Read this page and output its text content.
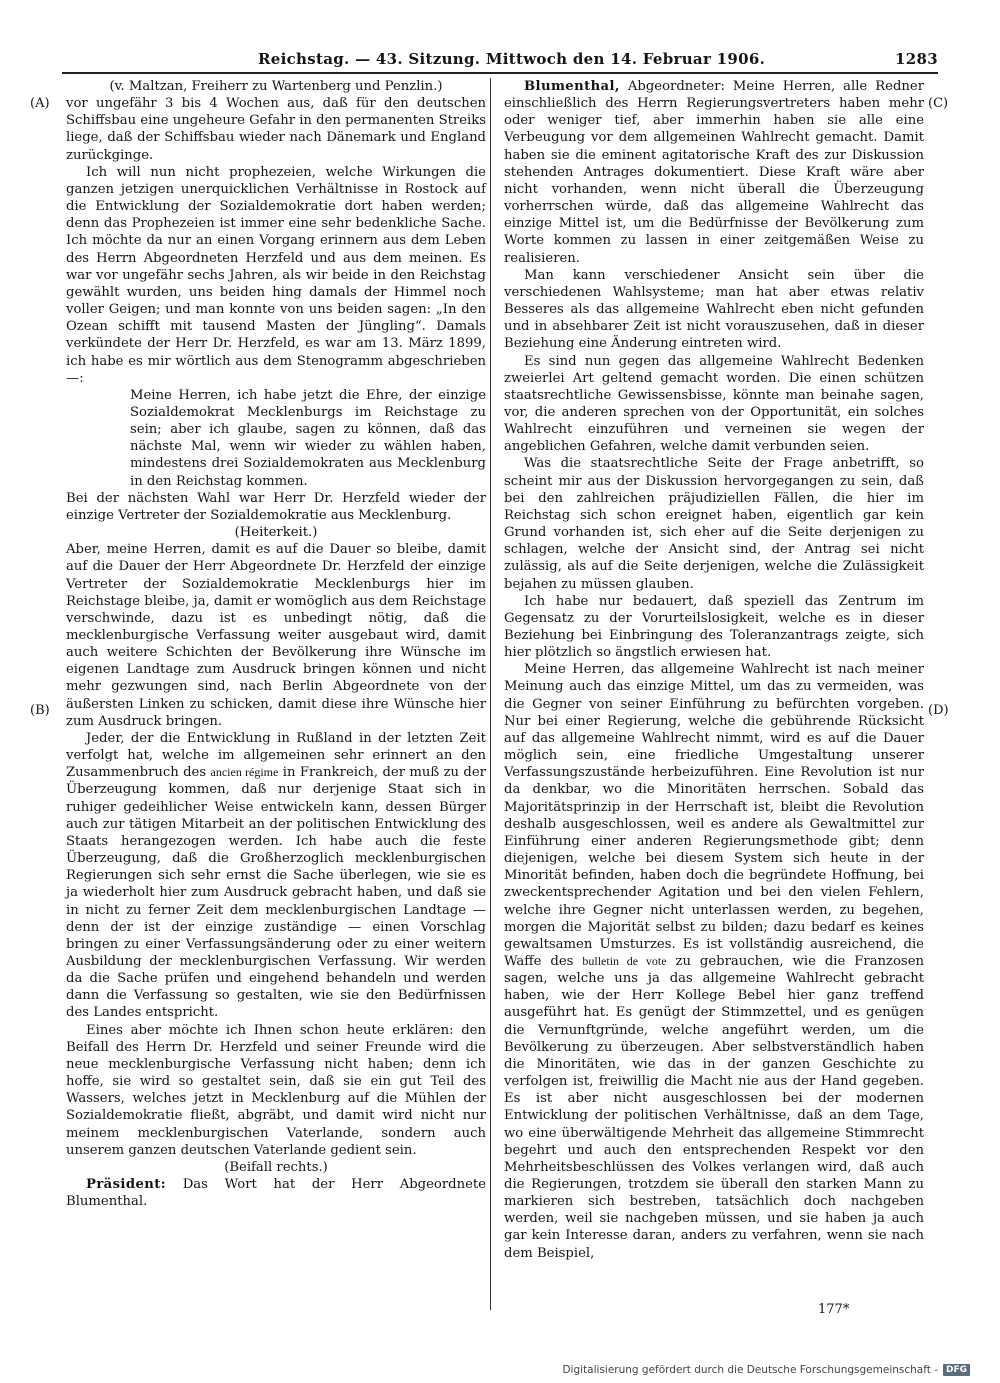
Reichstag. — 43. Sitzung. Mittwoch den 14. Februar 1906.	1283
(A)
(B)
(C)
(D)

(v. Maltzan, Freiherr zu Wartenberg und Penzlin.)

vor ungefähr 3 bis 4 Wochen aus, daß für den deutschen Schiffsbau eine ungeheure Gefahr in den permanenten Streiks liege, daß der Schiffsbau wieder nach Dänemark und England zurückginge.

Ich will nun nicht prophezeien, welche Wirkungen die ganzen jetzigen unerquicklichen Verhältnisse in Rostock auf die Entwicklung der Sozialdemokratie dort haben werden; denn das Prophezeien ist immer eine sehr bedenkliche Sache. Ich möchte da nur an einen Vorgang erinnern aus dem Leben des Herrn Abgeordneten Herzfeld und aus dem meinen. Es war vor ungefähr sechs Jahren, als wir beide in den Reichstag gewählt wurden, uns beiden hing damals der Himmel noch voller Geigen; und man konnte von uns beiden sagen: „In den Ozean schifft mit tausend Masten der Jüngling“. Damals verkündete der Herr Dr. Herzfeld, es war am 13. März 1899, ich habe es mir wörtlich aus dem Stenogramm abgeschrieben —:

Meine Herren, ich habe jetzt die Ehre, der einzige Sozialdemokrat Mecklenburgs im Reichstage zu sein; aber ich glaube, sagen zu können, daß das nächste Mal, wenn wir wieder zu wählen haben, mindestens drei Sozialdemokraten aus Mecklenburg in den Reichstag kommen.

Bei der nächsten Wahl war Herr Dr. Herzfeld wieder der einzige Vertreter der Sozialdemokratie aus Mecklenburg.

(Heiterkeit.)

Aber, meine Herren, damit es auf die Dauer so bleibe, damit auf die Dauer der Herr Abgeordnete Dr. Herzfeld der einzige Vertreter der Sozialdemokratie Mecklenburgs hier im Reichstage bleibe, ja, damit er womöglich aus dem Reichstage verschwinde, dazu ist es unbedingt nötig, daß die mecklenburgische Verfassung weiter ausgebaut wird, damit auch weitere Schichten der Bevölkerung ihre Wünsche im eigenen Landtage zum Ausdruck bringen können und nicht mehr gezwungen sind, nach Berlin Abgeordnete von der äußersten Linken zu schicken, damit diese ihre Wünsche hier zum Ausdruck bringen.

Jeder, der die Entwicklung in Rußland in der letzten Zeit verfolgt hat, welche im allgemeinen sehr erinnert an den Zusammenbruch des ancien régime in Frankreich, der muß zu der Überzeugung kommen, daß nur derjenige Staat sich in ruhiger gedeihlicher Weise entwickeln kann, dessen Bürger auch zur tätigen Mitarbeit an der politischen Entwicklung des Staats herangezogen werden. Ich habe auch die feste Überzeugung, daß die Großherzoglich mecklenburgischen Regierungen sich sehr ernst die Sache überlegen, wie sie es ja wiederholt hier zum Ausdruck gebracht haben, und daß sie in nicht zu ferner Zeit dem mecklenburgischen Landtage — denn der ist der einzige zuständige — einen Vorschlag bringen zu einer Verfassungsänderung oder zu einer weitern Ausbildung der mecklenburgischen Verfassung. Wir werden da die Sache prüfen und eingehend behandeln und werden dann die Verfassung so gestalten, wie sie den Bedürfnissen des Landes entspricht.

Eines aber möchte ich Ihnen schon heute erklären: den Beifall des Herrn Dr. Herzfeld und seiner Freunde wird die neue mecklenburgische Verfassung nicht haben; denn ich hoffe, sie wird so gestaltet sein, daß sie ein gut Teil des Wassers, welches jetzt in Mecklenburg auf die Mühlen der Sozialdemokratie fließt, abgräbt, und damit wird nicht nur meinem mecklenburgischen Vaterlande, sondern auch unserem ganzen deutschen Vaterlande gedient sein.

(Beifall rechts.)

Präsident: Das Wort hat der Herr Abgeordnete Blumenthal.

Blumenthal, Abgeordneter: Meine Herren, alle Redner einschließlich des Herrn Regierungsvertreters haben mehr oder weniger tief, aber immerhin haben sie alle eine Verbeugung vor dem allgemeinen Wahlrecht gemacht. Damit haben sie die eminent agitatorische Kraft des zur Diskussion stehenden Antrages dokumentiert. Diese Kraft wäre aber nicht vorhanden, wenn nicht überall die Überzeugung vorherrschen würde, daß das allgemeine Wahlrecht das einzige Mittel ist, um die Bedürfnisse der Bevölkerung zum Worte kommen zu lassen in einer zeitgemäßen Weise zu realisieren.

Man kann verschiedener Ansicht sein über die verschiedenen Wahlsysteme; man hat aber etwas relativ Besseres als das allgemeine Wahlrecht eben nicht gefunden und in absehbarer Zeit ist nicht vorauszusehen, daß in dieser Beziehung eine Änderung eintreten wird.

Es sind nun gegen das allgemeine Wahlrecht Bedenken zweierlei Art geltend gemacht worden. Die einen schützen staatsrechtliche Gewissensbisse, könnte man beinahe sagen, vor, die anderen sprechen von der Opportunität, ein solches Wahlrecht einzuführen und verneinen sie wegen der angeblichen Gefahren, welche damit verbunden seien.

Was die staatsrechtliche Seite der Frage anbetrifft, so scheint mir aus der Diskussion hervorgegangen zu sein, daß bei den zahlreichen präjudiziellen Fällen, die hier im Reichstag sich schon ereignet haben, eigentlich gar kein Grund vorhanden ist, sich eher auf die Seite derjenigen zu schlagen, welche der Ansicht sind, der Antrag sei nicht zulässig, als auf die Seite derjenigen, welche die Zulässigkeit bejahen zu müssen glauben.

Ich habe nur bedauert, daß speziell das Zentrum im Gegensatz zu der Vorurteilslosigkeit, welche es in dieser Beziehung bei Einbringung des Toleranzantrags zeigte, sich hier plötzlich so ängstlich erwiesen hat.

Meine Herren, das allgemeine Wahlrecht ist nach meiner Meinung auch das einzige Mittel, um das zu vermeiden, was die Gegner von seiner Einführung zu befürchten vorgeben. Nur bei einer Regierung, welche die gebührende Rücksicht auf das allgemeine Wahlrecht nimmt, wird es auf die Dauer möglich sein, eine friedliche Umgestaltung unserer Verfassungszustände herbeizuführen. Eine Revolution ist nur da denkbar, wo die Minoritäten herrschen. Sobald das Majoritätsprinzip in der Herrschaft ist, bleibt die Revolution deshalb ausgeschlossen, weil es andere als Gewaltmittel zur Einführung einer anderen Regierungsmethode gibt; denn diejenigen, welche bei diesem System sich heute in der Minorität befinden, haben doch die begründete Hoffnung, bei zweckentsprechender Agitation und bei den vielen Fehlern, welche ihre Gegner nicht unterlassen werden, zu begehen, morgen die Majorität selbst zu bilden; dazu bedarf es keines gewaltsamen Umsturzes. Es ist vollständig ausreichend, die Waffe des bulletin de vote zu gebrauchen, wie die Franzosen sagen, welche uns ja das allgemeine Wahlrecht gebracht haben, wie der Herr Kollege Bebel hier ganz treffend ausgeführt hat. Es genügt der Stimmzettel, und es genügen die Vernunftgründe, welche angeführt werden, um die Bevölkerung zu überzeugen. Aber selbstverständlich haben die Minoritäten, wie das in der ganzen Geschichte zu verfolgen ist, freiwillig die Macht nie aus der Hand gegeben. Es ist aber nicht ausgeschlossen bei der modernen Entwicklung der politischen Verhältnisse, daß an dem Tage, wo eine überwältigende Mehrheit das allgemeine Stimmrecht begehrt und auch den entsprechenden Respekt vor den Mehrheitsbeschlüssen des Volkes verlangen wird, daß auch die Regierungen, trotzdem sie überall den starken Mann zu markieren sich bestreben, tatsächlich doch nachgeben werden, weil sie nachgeben müssen, und sie haben ja auch gar kein Interesse daran, anders zu verfahren, wenn sie nach dem Beispiel,

177*
Digitalisierung gefördert durch die Deutsche Forschungsgemeinschaft - DFG
